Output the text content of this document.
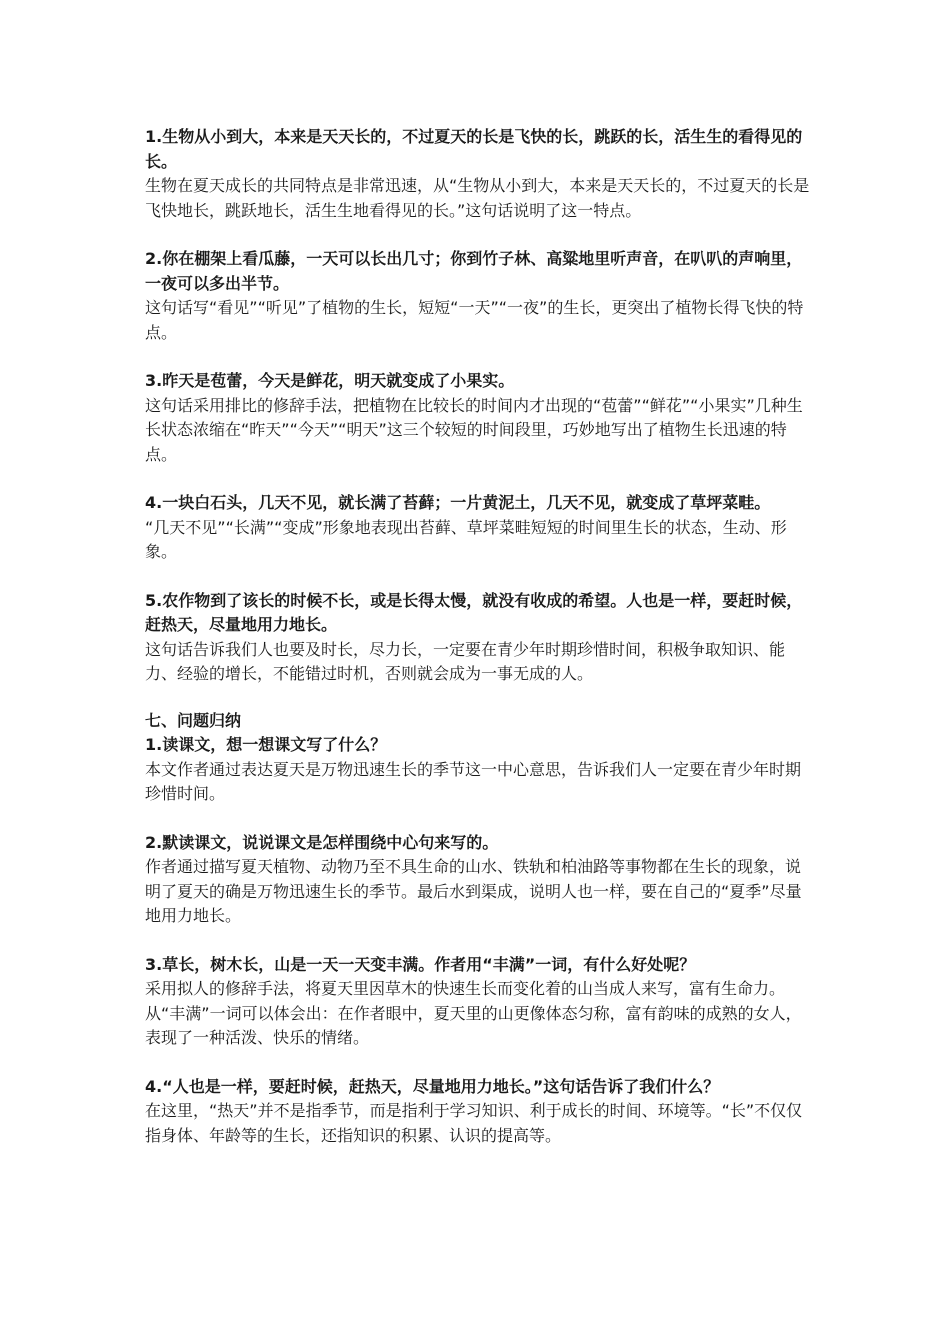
1.生物从小到大，本来是天天长的，不过夏天的长是飞快的长，跳跃的长，活生生的看得见的长。

生物在夏天成长的共同特点是非常迅速，从“生物从小到大，本来是天天长的，不过夏天的长是飞快地长，跳跃地长，活生生地看得见的长。”这句话说明了这一特点。

2.你在棚架上看瓜藤，一天可以长出几寸；你到竹子林、高粱地里听声音，在叭叭的声响里，一夜可以多出半节。

这句话写“看见”“听见”了植物的生长，短短“一天”“一夜”的生长，更突出了植物长得飞快的特点。

3.昨天是苞蕾，今天是鲜花，明天就变成了小果实。

这句话采用排比的修辞手法，把植物在比较长的时间内才出现的“苞蕾”“鲜花”“小果实”几种生长状态浓缩在“昨天”“今天”“明天”这三个较短的时间段里，巧妙地写出了植物生长迅速的特点。

4.一块白石头，几天不见，就长满了苔藓；一片黄泥土，几天不见，就变成了草坪菜畦。

“几天不见”“长满”“变成”形象地表现出苔藓、草坪菜畦短短的时间里生长的状态，生动、形象。

5.农作物到了该长的时候不长，或是长得太慢，就没有收成的希望。人也是一样，要赶时候，赶热天，尽量地用力地长。

这句话告诉我们人也要及时长，尽力长，一定要在青少年时期珍惜时间，积极争取知识、能力、经验的增长，不能错过时机，否则就会成为一事无成的人。

七、问题归纳

1.读课文，想一想课文写了什么？

本文作者通过表达夏天是万物迅速生长的季节这一中心意思，告诉我们人一定要在青少年时期珍惜时间。

2.默读课文，说说课文是怎样围绕中心句来写的。

作者通过描写夏天植物、动物乃至不具生命的山水、铁轨和柏油路等事物都在生长的现象，说明了夏天的确是万物迅速生长的季节。最后水到渠成，说明人也一样，要在自己的“夏季”尽量地用力地长。

3.草长，树木长，山是一天一天变丰满。作者用“丰满”一词，有什么好处呢？

采用拟人的修辞手法，将夏天里因草木的快速生长而变化着的山当成人来写，富有生命力。从“丰满”一词可以体会出：在作者眼中，夏天里的山更像体态匀称，富有韵味的成熟的女人，表现了一种活泼、快乐的情绪。

4.“人也是一样，要赶时候，赶热天，尽量地用力地长。”这句话告诉了我们什么？

在这里，“热天”并不是指季节，而是指利于学习知识、利于成长的时间、环境等。“长”不仅仅指身体、年龄等的生长，还指知识的积累、认识的提高等。
